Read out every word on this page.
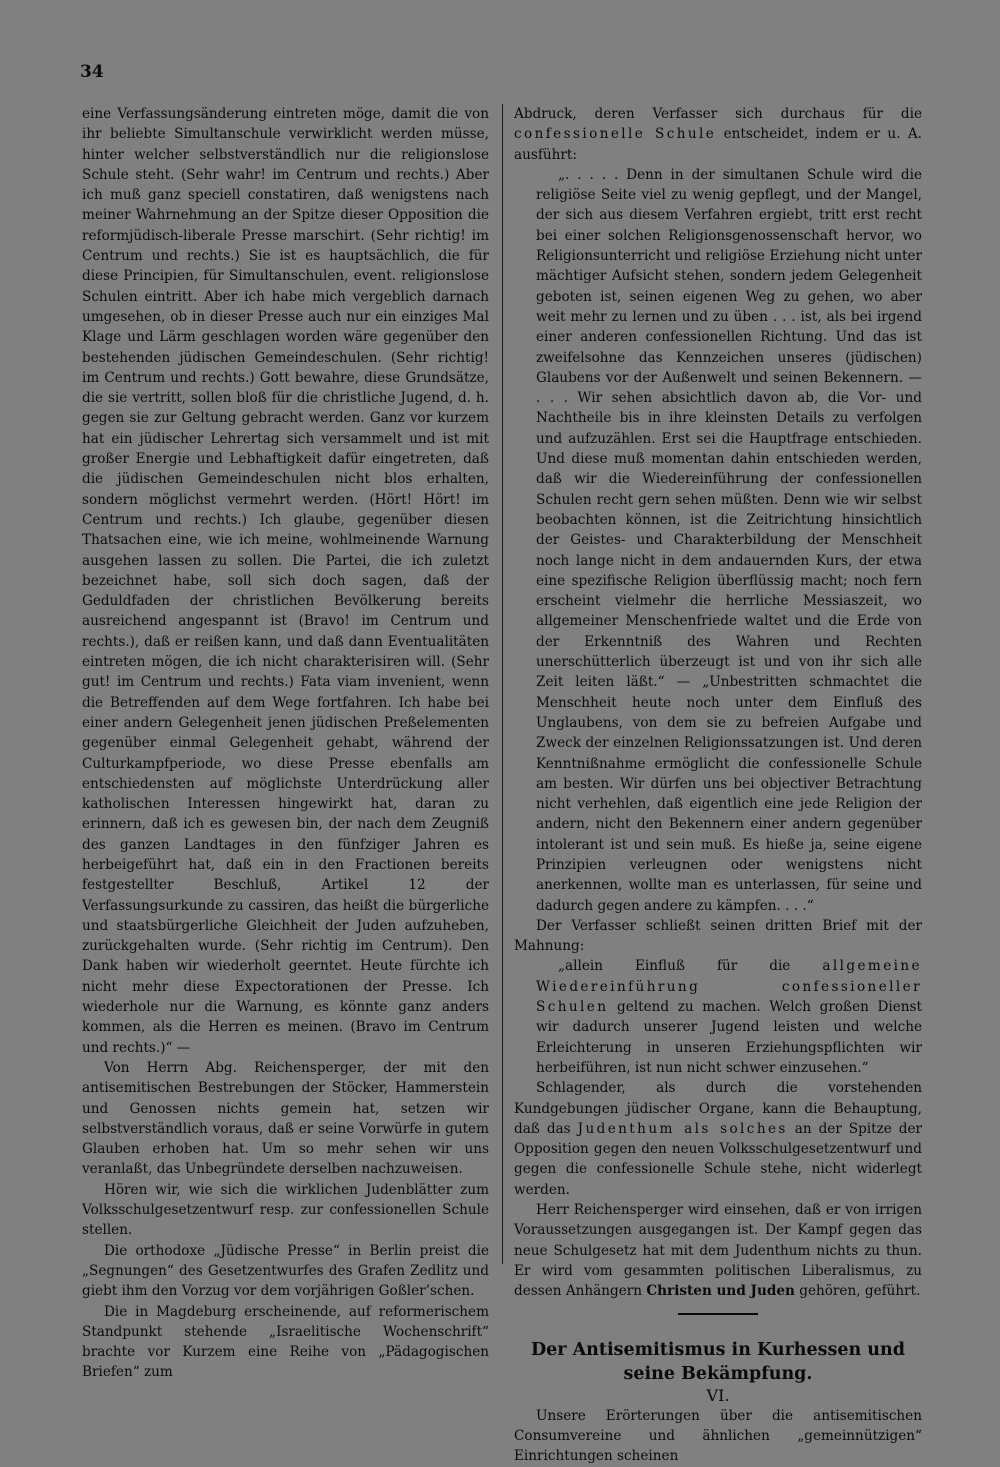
34

eine Verfassungsänderung eintreten möge, damit die von ihr beliebte Simultanschule verwirklicht werden müsse, hinter welcher selbstverständlich nur die religionslose Schule steht. (Sehr wahr! im Centrum und rechts.) Aber ich muß ganz speciell constatiren, daß wenigstens nach meiner Wahrnehmung an der Spitze dieser Opposition die reformjüdisch-liberale Presse marschirt. (Sehr richtig! im Centrum und rechts.) Sie ist es hauptsächlich, die für diese Principien, für Simultanschulen, event. religionslose Schulen eintritt. Aber ich habe mich vergeblich darnach umgesehen, ob in dieser Presse auch nur ein einziges Mal Klage und Lärm geschlagen worden wäre gegenüber den bestehenden jüdischen Gemeindeschulen. (Sehr richtig! im Centrum und rechts.) Gott bewahre, diese Grundsätze, die sie vertritt, sollen bloß für die christliche Jugend, d. h. gegen sie zur Geltung gebracht werden. Ganz vor kurzem hat ein jüdischer Lehrertag sich versammelt und ist mit großer Energie und Lebhaftigkeit dafür eingetreten, daß die jüdischen Gemeindeschulen nicht blos erhalten, sondern möglichst vermehrt werden. (Hört! Hört! im Centrum und rechts.) Ich glaube, gegenüber diesen Thatsachen eine, wie ich meine, wohlmeinende Warnung ausgehen lassen zu sollen. Die Partei, die ich zuletzt bezeichnet habe, soll sich doch sagen, daß der Geduldfaden der christlichen Bevölkerung bereits ausreichend angespannt ist (Bravo! im Centrum und rechts.), daß er reißen kann, und daß dann Eventualitäten eintreten mögen, die ich nicht charakterisiren will. (Sehr gut! im Centrum und rechts.) Fata viam invenient, wenn die Betreffenden auf dem Wege fortfahren. Ich habe bei einer andern Gelegenheit jenen jüdischen Preßelementen gegenüber einmal Gelegenheit gehabt, während der Culturkampfperiode, wo diese Presse ebenfalls am entschiedensten auf möglichste Unterdrückung aller katholischen Interessen hingewirkt hat, daran zu erinnern, daß ich es gewesen bin, der nach dem Zeugniß des ganzen Landtages in den fünfziger Jahren es herbeigeführt hat, daß ein in den Fractionen bereits festgestellter Beschluß, Artikel 12 der Verfassungsurkunde zu cassiren, das heißt die bürgerliche und staatsbürgerliche Gleichheit der Juden aufzuheben, zurückgehalten wurde. (Sehr richtig im Centrum). Den Dank haben wir wiederholt geerntet. Heute fürchte ich nicht mehr diese Expectorationen der Presse. Ich wiederhole nur die Warnung, es könnte ganz anders kommen, als die Herren es meinen. (Bravo im Centrum und rechts.)“ —

Von Herrn Abg. Reichensperger, der mit den antisemitischen Bestrebungen der Stöcker, Hammerstein und Genossen nichts gemein hat, setzen wir selbstverständlich voraus, daß er seine Vorwürfe in gutem Glauben erhoben hat. Um so mehr sehen wir uns veranlaßt, das Unbegründete derselben nachzuweisen.

Hören wir, wie sich die wirklichen Judenblätter zum Volksschulgesetzentwurf resp. zur confessionellen Schule stellen.

Die orthodoxe „Jüdische Presse“ in Berlin preist die „Segnungen“ des Gesetzentwurfes des Grafen Zedlitz und giebt ihm den Vorzug vor dem vorjährigen Goßler’schen.

Die in Magdeburg erscheinende, auf reformerischem Standpunkt stehende „Israelitische Wochenschrift“ brachte vor Kurzem eine Reihe von „Pädagogischen Briefen“ zum

Abdruck, deren Verfasser sich durchaus für die confessionelle Schule entscheidet, indem er u. A. ausführt:

„. . . . . Denn in der simultanen Schule wird die religiöse Seite viel zu wenig gepflegt, und der Mangel, der sich aus diesem Verfahren ergiebt, tritt erst recht bei einer solchen Religionsgenossenschaft hervor, wo Religionsunterricht und religiöse Erziehung nicht unter mächtiger Aufsicht stehen, sondern jedem Gelegenheit geboten ist, seinen eigenen Weg zu gehen, wo aber weit mehr zu lernen und zu üben . . . ist, als bei irgend einer anderen confessionellen Richtung. Und das ist zweifelsohne das Kennzeichen unseres (jüdischen) Glaubens vor der Außenwelt und seinen Bekennern. — . . . Wir sehen absichtlich davon ab, die Vor- und Nachtheile bis in ihre kleinsten Details zu verfolgen und aufzuzählen. Erst sei die Hauptfrage entschieden. Und diese muß momentan dahin entschieden werden, daß wir die Wiedereinführung der confessionellen Schulen recht gern sehen müßten. Denn wie wir selbst beobachten können, ist die Zeitrichtung hinsichtlich der Geistes- und Charakterbildung der Menschheit noch lange nicht in dem andauernden Kurs, der etwa eine spezifische Religion überflüssig macht; noch fern erscheint vielmehr die herrliche Messiaszeit, wo allgemeiner Menschenfriede waltet und die Erde von der Erkenntniß des Wahren und Rechten unerschütterlich überzeugt ist und von ihr sich alle Zeit leiten läßt.“ — „Unbestritten schmachtet die Menschheit heute noch unter dem Einfluß des Unglaubens, von dem sie zu befreien Aufgabe und Zweck der einzelnen Religionssatzungen ist. Und deren Kenntnißnahme ermöglicht die confessionelle Schule am besten. Wir dürfen uns bei objectiver Betrachtung nicht verhehlen, daß eigentlich eine jede Religion der andern, nicht den Bekennern einer andern gegenüber intolerant ist und sein muß. Es hieße ja, seine eigene Prinzipien verleugnen oder wenigstens nicht anerkennen, wollte man es unterlassen, für seine und dadurch gegen andere zu kämpfen. . . .“

Der Verfasser schließt seinen dritten Brief mit der Mahnung:

„allein Einfluß für die allgemeine Wiedereinführung confessioneller Schulen geltend zu machen. Welch großen Dienst wir dadurch unserer Jugend leisten und welche Erleichterung in unseren Erziehungspflichten wir herbeiführen, ist nun nicht schwer einzusehen.“

Schlagender, als durch die vorstehenden Kundgebungen jüdischer Organe, kann die Behauptung, daß das Judenthum als solches an der Spitze der Opposition gegen den neuen Volksschulgesetzentwurf und gegen die confessionelle Schule stehe, nicht widerlegt werden.

Herr Reichensperger wird einsehen, daß er von irrigen Voraussetzungen ausgegangen ist. Der Kampf gegen das neue Schulgesetz hat mit dem Judenthum nichts zu thun. Er wird vom gesammten politischen Liberalismus, zu dessen Anhängern Christen und Juden gehören, geführt.

Der Antisemitismus in Kurhessen und seine Bekämpfung.
VI.

Unsere Erörterungen über die antisemitischen Consumvereine und ähnlichen „gemeinnützigen“ Einrichtungen scheinen
